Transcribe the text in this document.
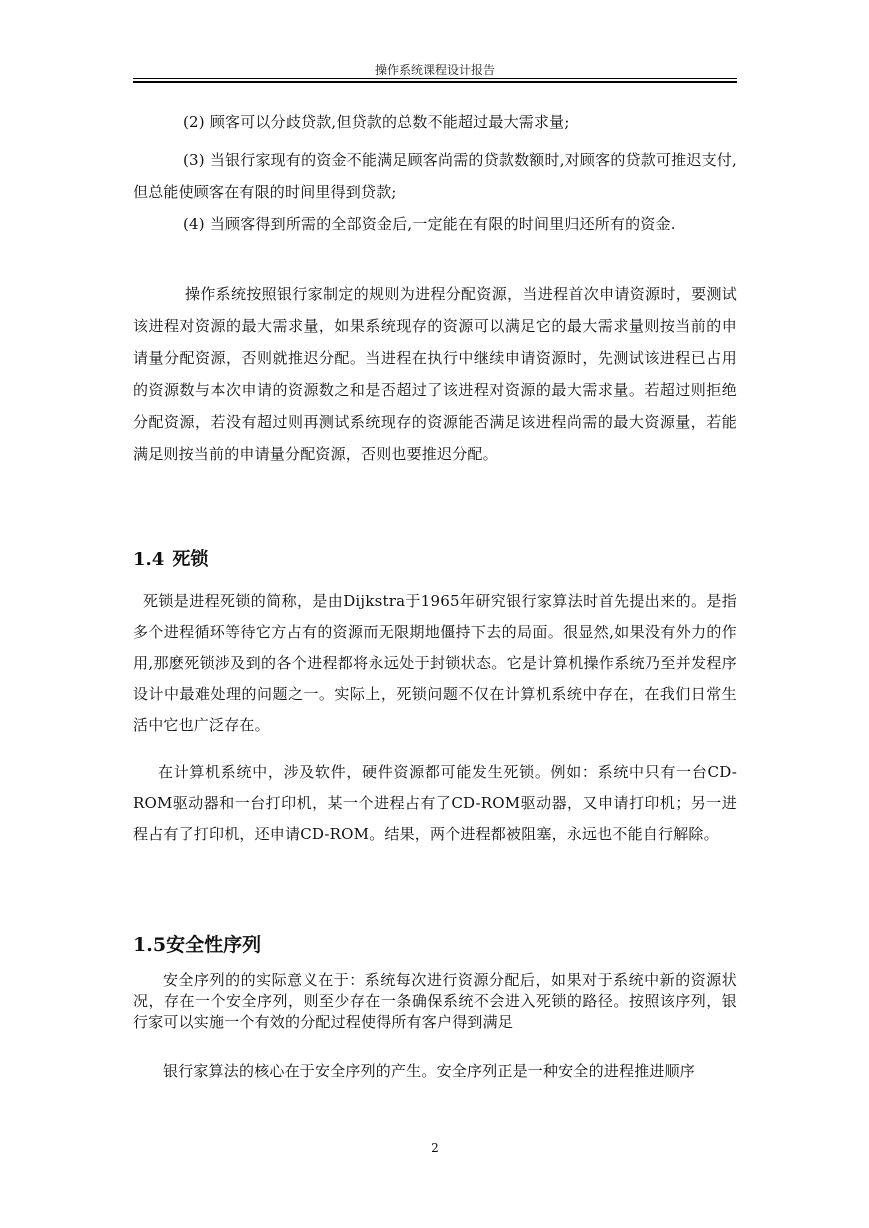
操作系统课程设计报告
(2) 顾客可以分歧贷款,但贷款的总数不能超过最大需求量;
(3) 当银行家现有的资金不能满足顾客尚需的贷款数额时,对顾客的贷款可推迟支付,但总能使顾客在有限的时间里得到贷款;
(4) 当顾客得到所需的全部资金后,一定能在有限的时间里归还所有的资金.
操作系统按照银行家制定的规则为进程分配资源，当进程首次申请资源时，要测试该进程对资源的最大需求量，如果系统现存的资源可以满足它的最大需求量则按当前的申请量分配资源，否则就推迟分配。当进程在执行中继续申请资源时，先测试该进程已占用的资源数与本次申请的资源数之和是否超过了该进程对资源的最大需求量。若超过则拒绝分配资源，若没有超过则再测试系统现存的资源能否满足该进程尚需的最大资源量，若能满足则按当前的申请量分配资源，否则也要推迟分配。
1.4 死锁
死锁是进程死锁的简称，是由Dijkstra于1965年研究银行家算法时首先提出来的。是指多个进程循环等待它方占有的资源而无限期地僵持下去的局面。很显然,如果没有外力的作用,那麽死锁涉及到的各个进程都将永远处于封锁状态。它是计算机操作系统乃至并发程序设计中最难处理的问题之一。实际上，死锁问题不仅在计算机系统中存在，在我们日常生活中它也广泛存在。
在计算机系统中，涉及软件，硬件资源都可能发生死锁。例如：系统中只有一台CD-ROM驱动器和一台打印机，某一个进程占有了CD-ROM驱动器，又申请打印机；另一进程占有了打印机，还申请CD-ROM。结果，两个进程都被阻塞，永远也不能自行解除。
1.5安全性序列
安全序列的的实际意义在于：系统每次进行资源分配后，如果对于系统中新的资源状况，存在一个安全序列，则至少存在一条确保系统不会进入死锁的路径。按照该序列，银行家可以实施一个有效的分配过程使得所有客户得到满足
银行家算法的核心在于安全序列的产生。安全序列正是一种安全的进程推进顺序
2
